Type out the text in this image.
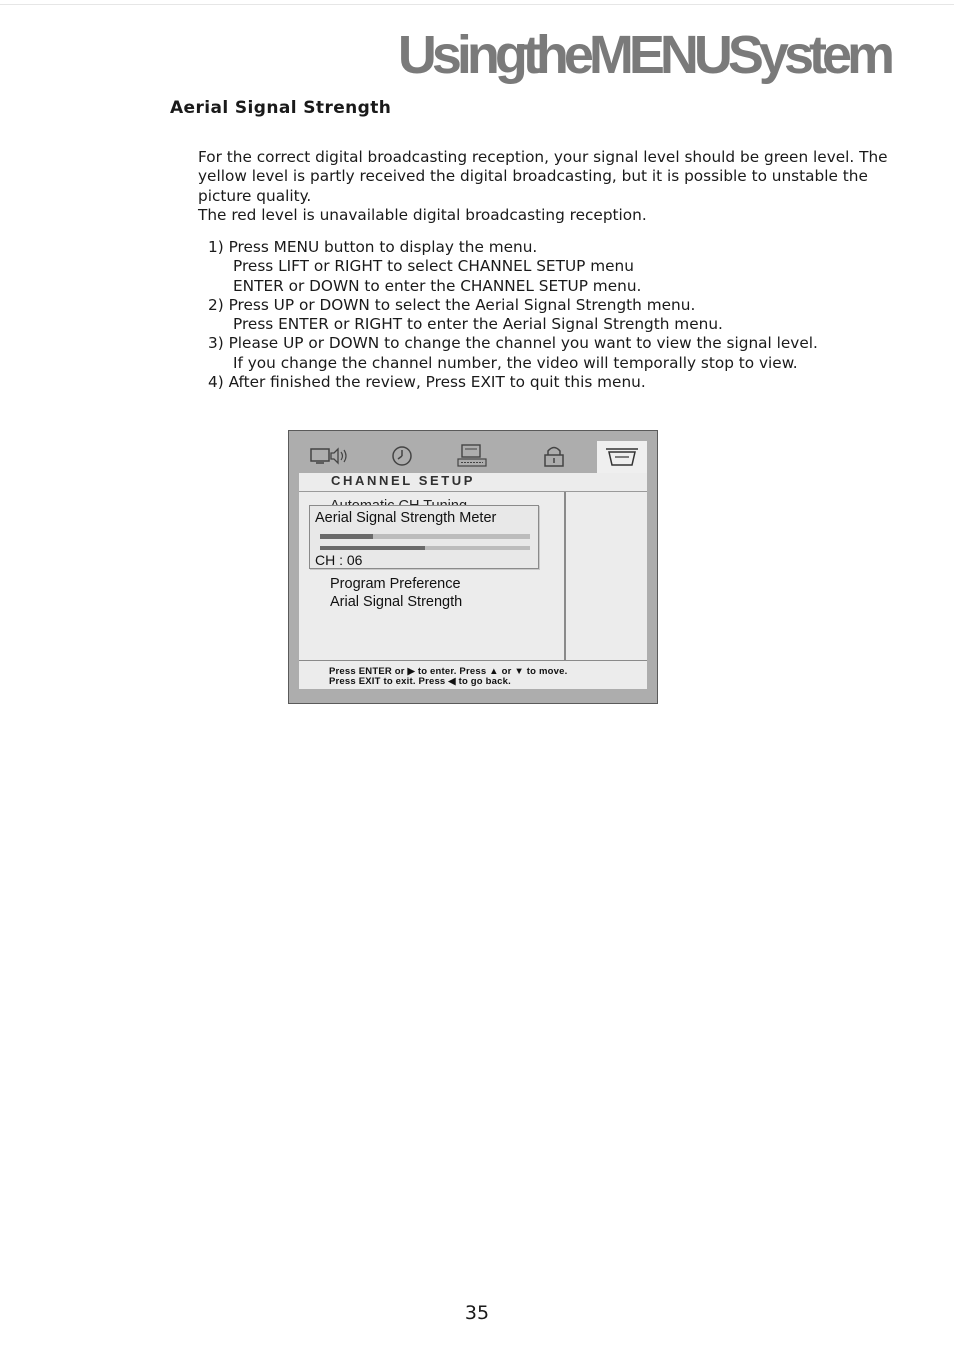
UsingtheMENUSystem
Aerial Signal Strength

For the correct digital broadcasting reception, your signal level should be green level. The yellow level is partly received the digital broadcasting, but it is possible to unstable the picture quality.

The red level is unavailable digital broadcasting reception.

1) Press MENU button to display the menu.

Press LIFT or RIGHT to select CHANNEL SETUP menu

ENTER or DOWN to enter the CHANNEL SETUP menu.

2) Press UP or DOWN to select the Aerial Signal Strength menu.

Press ENTER or RIGHT to enter the Aerial Signal Strength menu.

3) Please UP or DOWN to change the channel you want to view the signal level.

If you change the channel number, the video will temporally stop to view.

4) After finished the review, Press EXIT to quit this menu.

CHANNEL SETUP
Aerial Signal Strength Meter
CH : 06
Program Preference
Arial Signal Strength
Press ENTER or ▶ to enter. Press ▲ or ▼ to move.
Press EXIT to exit. Press ◀ to go back.
35
